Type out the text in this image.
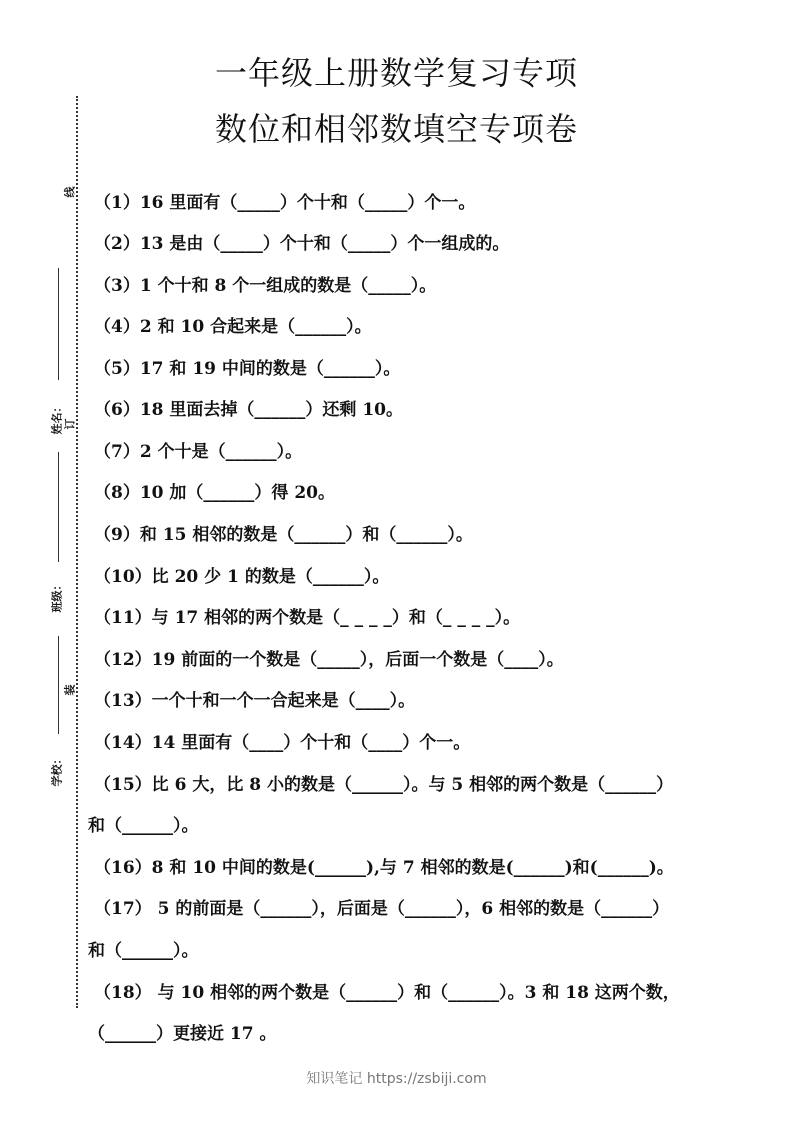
一年级上册数学复习专项
数位和相邻数填空专项卷
线
姓名： 订
班级：
装
学校：
（1）16 里面有（_____）个十和（_____）个一。
（2）13 是由（_____）个十和（_____）个一组成的。
（3）1 个十和 8 个一组成的数是（_____）。
（4）2 和 10 合起来是（______）。
（5）17 和 19 中间的数是（______）。
（6）18 里面去掉（______）还剩 10。
（7）2 个十是（______）。
（8）10 加（______）得 20。
（9）和 15 相邻的数是（______）和（______）。
（10）比 20 少 1 的数是（______）。
（11）与 17 相邻的两个数是（_ _ _ _）和（_ _ _ _）。
（12）19 前面的一个数是（_____），后面一个数是（____）。
（13）一个十和一个一合起来是（____）。
（14）14 里面有（____）个十和（____）个一。
（15）比 6 大，比 8 小的数是（______）。与 5 相邻的两个数是（______）
和（______）。
（16）8 和 10 中间的数是(______),与 7 相邻的数是(______)和(______)。
（17） 5 的前面是（______），后面是（______），6 相邻的数是（______）
和（______）。
（18） 与 10 相邻的两个数是（______）和（______）。3 和 18 这两个数，
（______）更接近 17 。
知识笔记 https://zsbiji.com
